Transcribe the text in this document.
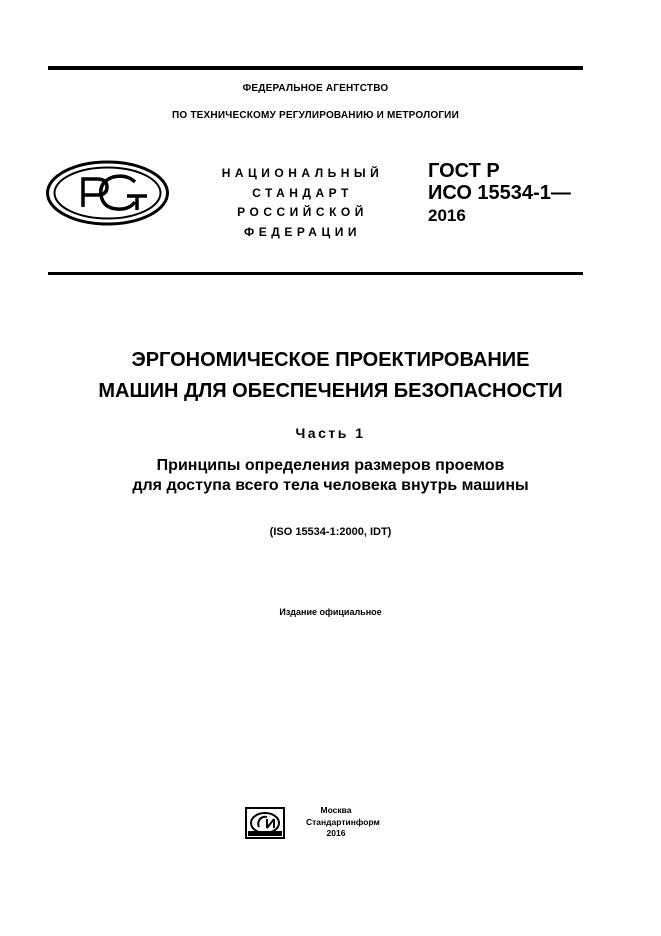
ФЕДЕРАЛЬНОЕ АГЕНТСТВО
ПО ТЕХНИЧЕСКОМУ РЕГУЛИРОВАНИЮ И МЕТРОЛОГИИ
НАЦИОНАЛЬНЫЙ
СТАНДАРТ
РОССИЙСКОЙ
ФЕДЕРАЦИИ
ГОСТ Р
ИСО 15534-1—
2016
ЭРГОНОМИЧЕСКОЕ ПРОЕКТИРОВАНИЕ
МАШИН ДЛЯ ОБЕСПЕЧЕНИЯ БЕЗОПАСНОСТИ
Часть 1
Принципы определения размеров проемов
для доступа всего тела человека внутрь машины
(ISO 15534-1:2000, IDT)
Издание официальное
Москва
Стандартинформ
2016
